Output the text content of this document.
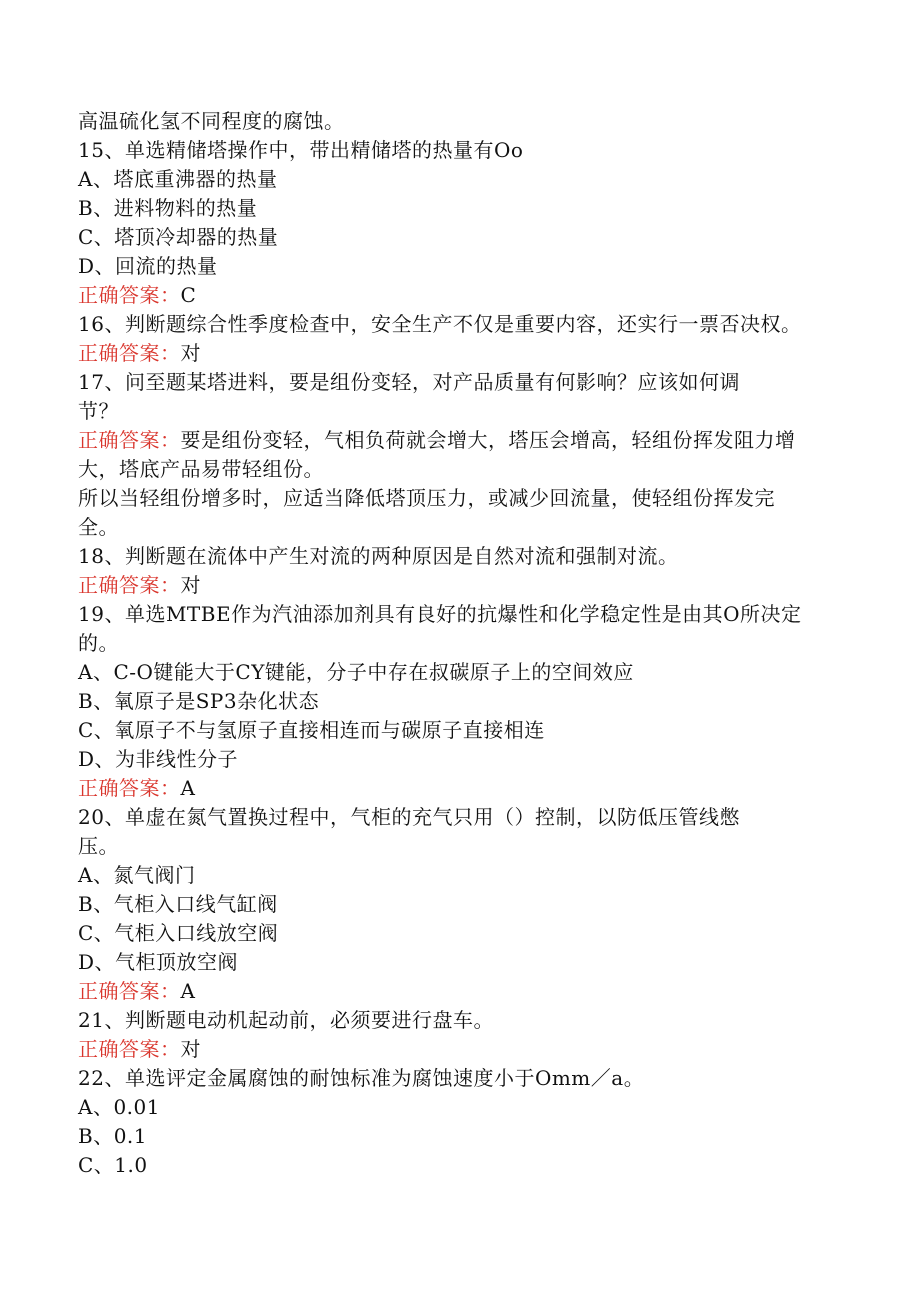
高温硫化氢不同程度的腐蚀。
15、单选精储塔操作中，带出精储塔的热量有Oo
A、塔底重沸器的热量
B、进料物料的热量
C、塔顶冷却器的热量
D、回流的热量
正确答案：C
16、判断题综合性季度检查中，安全生产不仅是重要内容，还实行一票否决权。
正确答案：对
17、问至题某塔进料，要是组份变轻，对产品质量有何影响？应该如何调
节？
正确答案：要是组份变轻，气相负荷就会增大，塔压会增高，轻组份挥发阻力增
大，塔底产品易带轻组份。
所以当轻组份增多时，应适当降低塔顶压力，或减少回流量，使轻组份挥发完
全。
18、判断题在流体中产生对流的两种原因是自然对流和强制对流。
正确答案：对
19、单选MTBE作为汽油添加剂具有良好的抗爆性和化学稳定性是由其O所决定
的。
A、C-O键能大于CY键能，分子中存在叔碳原子上的空间效应
B、氧原子是SP3杂化状态
C、氧原子不与氢原子直接相连而与碳原子直接相连
D、为非线性分子
正确答案：A
20、单虚在氮气置换过程中，气柜的充气只用（）控制，以防低压管线憋
压。
A、氮气阀门
B、气柜入口线气缸阀
C、气柜入口线放空阀
D、气柜顶放空阀
正确答案：A
21、判断题电动机起动前，必须要进行盘车。
正确答案：对
22、单选评定金属腐蚀的耐蚀标准为腐蚀速度小于Omm／a。
A、0.01
B、0.1
C、1.0
